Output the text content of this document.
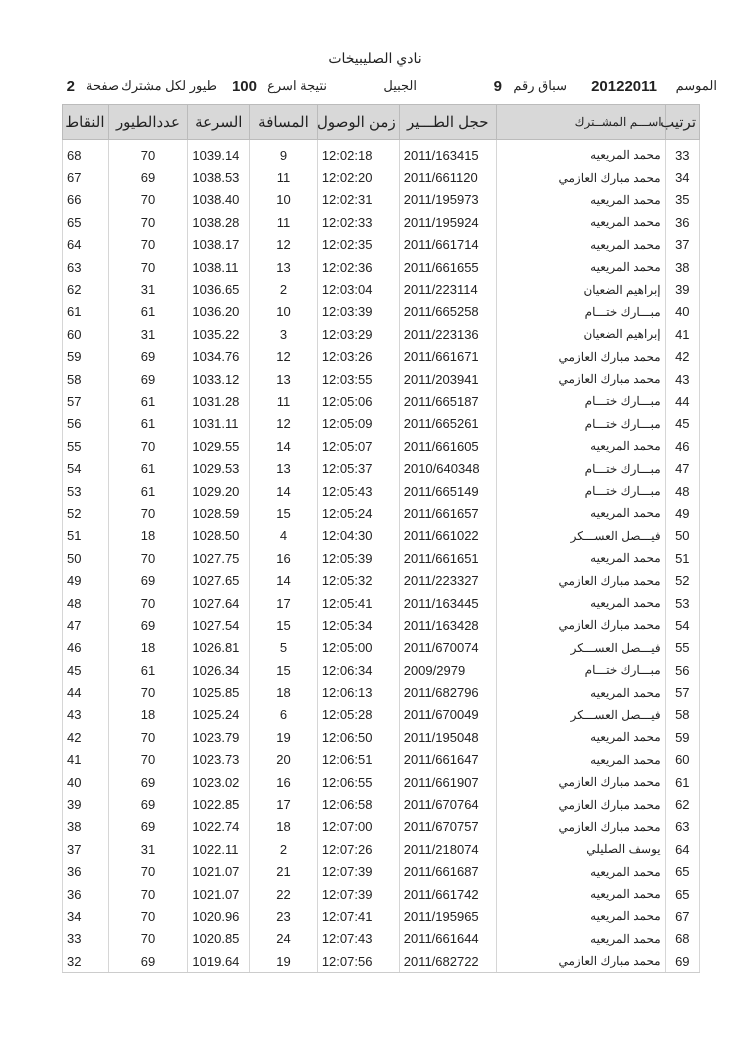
نادي الصليبيخات
الموسم
20122011
سباق رقم
9
الجبيل
نتيجة اسرع
100
طيور لكل مشترك
صفحة
2
ترتيب	اســـم المشــترك	حجل الطـــير	زمن الوصول	المسافة	السرعة	عددالطيور	النقاط
33	محمد المريعيه	2011/163415	12:02:18	9	1039.14	70	68
34	محمد مبارك العازمي	2011/661120	12:02:20	11	1038.53	69	67
35	محمد المريعيه	2011/195973	12:02:31	10	1038.40	70	66
36	محمد المريعيه	2011/195924	12:02:33	11	1038.28	70	65
37	محمد المريعيه	2011/661714	12:02:35	12	1038.17	70	64
38	محمد المريعيه	2011/661655	12:02:36	13	1038.11	70	63
39	إبراهيم الضعيان	2011/223114	12:03:04	2	1036.65	31	62
40	مبـــارك ختـــام	2011/665258	12:03:39	10	1036.20	61	61
41	إبراهيم الضعيان	2011/223136	12:03:29	3	1035.22	31	60
42	محمد مبارك العازمي	2011/661671	12:03:26	12	1034.76	69	59
43	محمد مبارك العازمي	2011/203941	12:03:55	13	1033.12	69	58
44	مبـــارك ختـــام	2011/665187	12:05:06	11	1031.28	61	57
45	مبـــارك ختـــام	2011/665261	12:05:09	12	1031.11	61	56
46	محمد المريعيه	2011/661605	12:05:07	14	1029.55	70	55
47	مبـــارك ختـــام	2010/640348	12:05:37	13	1029.53	61	54
48	مبـــارك ختـــام	2011/665149	12:05:43	14	1029.20	61	53
49	محمد المريعيه	2011/661657	12:05:24	15	1028.59	70	52
50	فيـــصل العســـكر	2011/661022	12:04:30	4	1028.50	18	51
51	محمد المريعيه	2011/661651	12:05:39	16	1027.75	70	50
52	محمد مبارك العازمي	2011/223327	12:05:32	14	1027.65	69	49
53	محمد المريعيه	2011/163445	12:05:41	17	1027.64	70	48
54	محمد مبارك العازمي	2011/163428	12:05:34	15	1027.54	69	47
55	فيـــصل العســـكر	2011/670074	12:05:00	5	1026.81	18	46
56	مبـــارك ختـــام	2009/2979	12:06:34	15	1026.34	61	45
57	محمد المريعيه	2011/682796	12:06:13	18	1025.85	70	44
58	فيـــصل العســـكر	2011/670049	12:05:28	6	1025.24	18	43
59	محمد المريعيه	2011/195048	12:06:50	19	1023.79	70	42
60	محمد المريعيه	2011/661647	12:06:51	20	1023.73	70	41
61	محمد مبارك العازمي	2011/661907	12:06:55	16	1023.02	69	40
62	محمد مبارك العازمي	2011/670764	12:06:58	17	1022.85	69	39
63	محمد مبارك العازمي	2011/670757	12:07:00	18	1022.74	69	38
64	يوسف الصليلي	2011/218074	12:07:26	2	1022.11	31	37
65	محمد المريعيه	2011/661687	12:07:39	21	1021.07	70	36
65	محمد المريعيه	2011/661742	12:07:39	22	1021.07	70	36
67	محمد المريعيه	2011/195965	12:07:41	23	1020.96	70	34
68	محمد المريعيه	2011/661644	12:07:43	24	1020.85	70	33
69	محمد مبارك العازمي	2011/682722	12:07:56	19	1019.64	69	32
